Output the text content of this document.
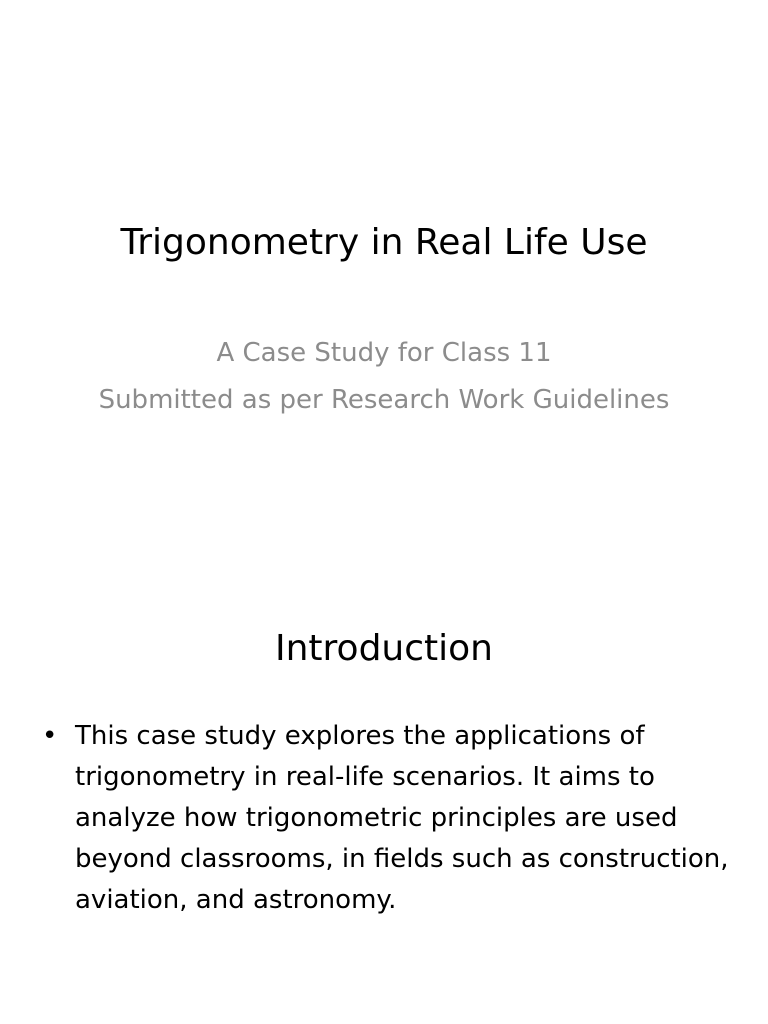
Trigonometry in Real Life Use

A Case Study for Class 11

Submitted as per Research Work Guidelines

Introduction
• This case study explores the applications of trigonometry in real-life scenarios. It aims to analyze how trigonometric principles are used beyond classrooms, in fields such as construction, aviation, and astronomy.
